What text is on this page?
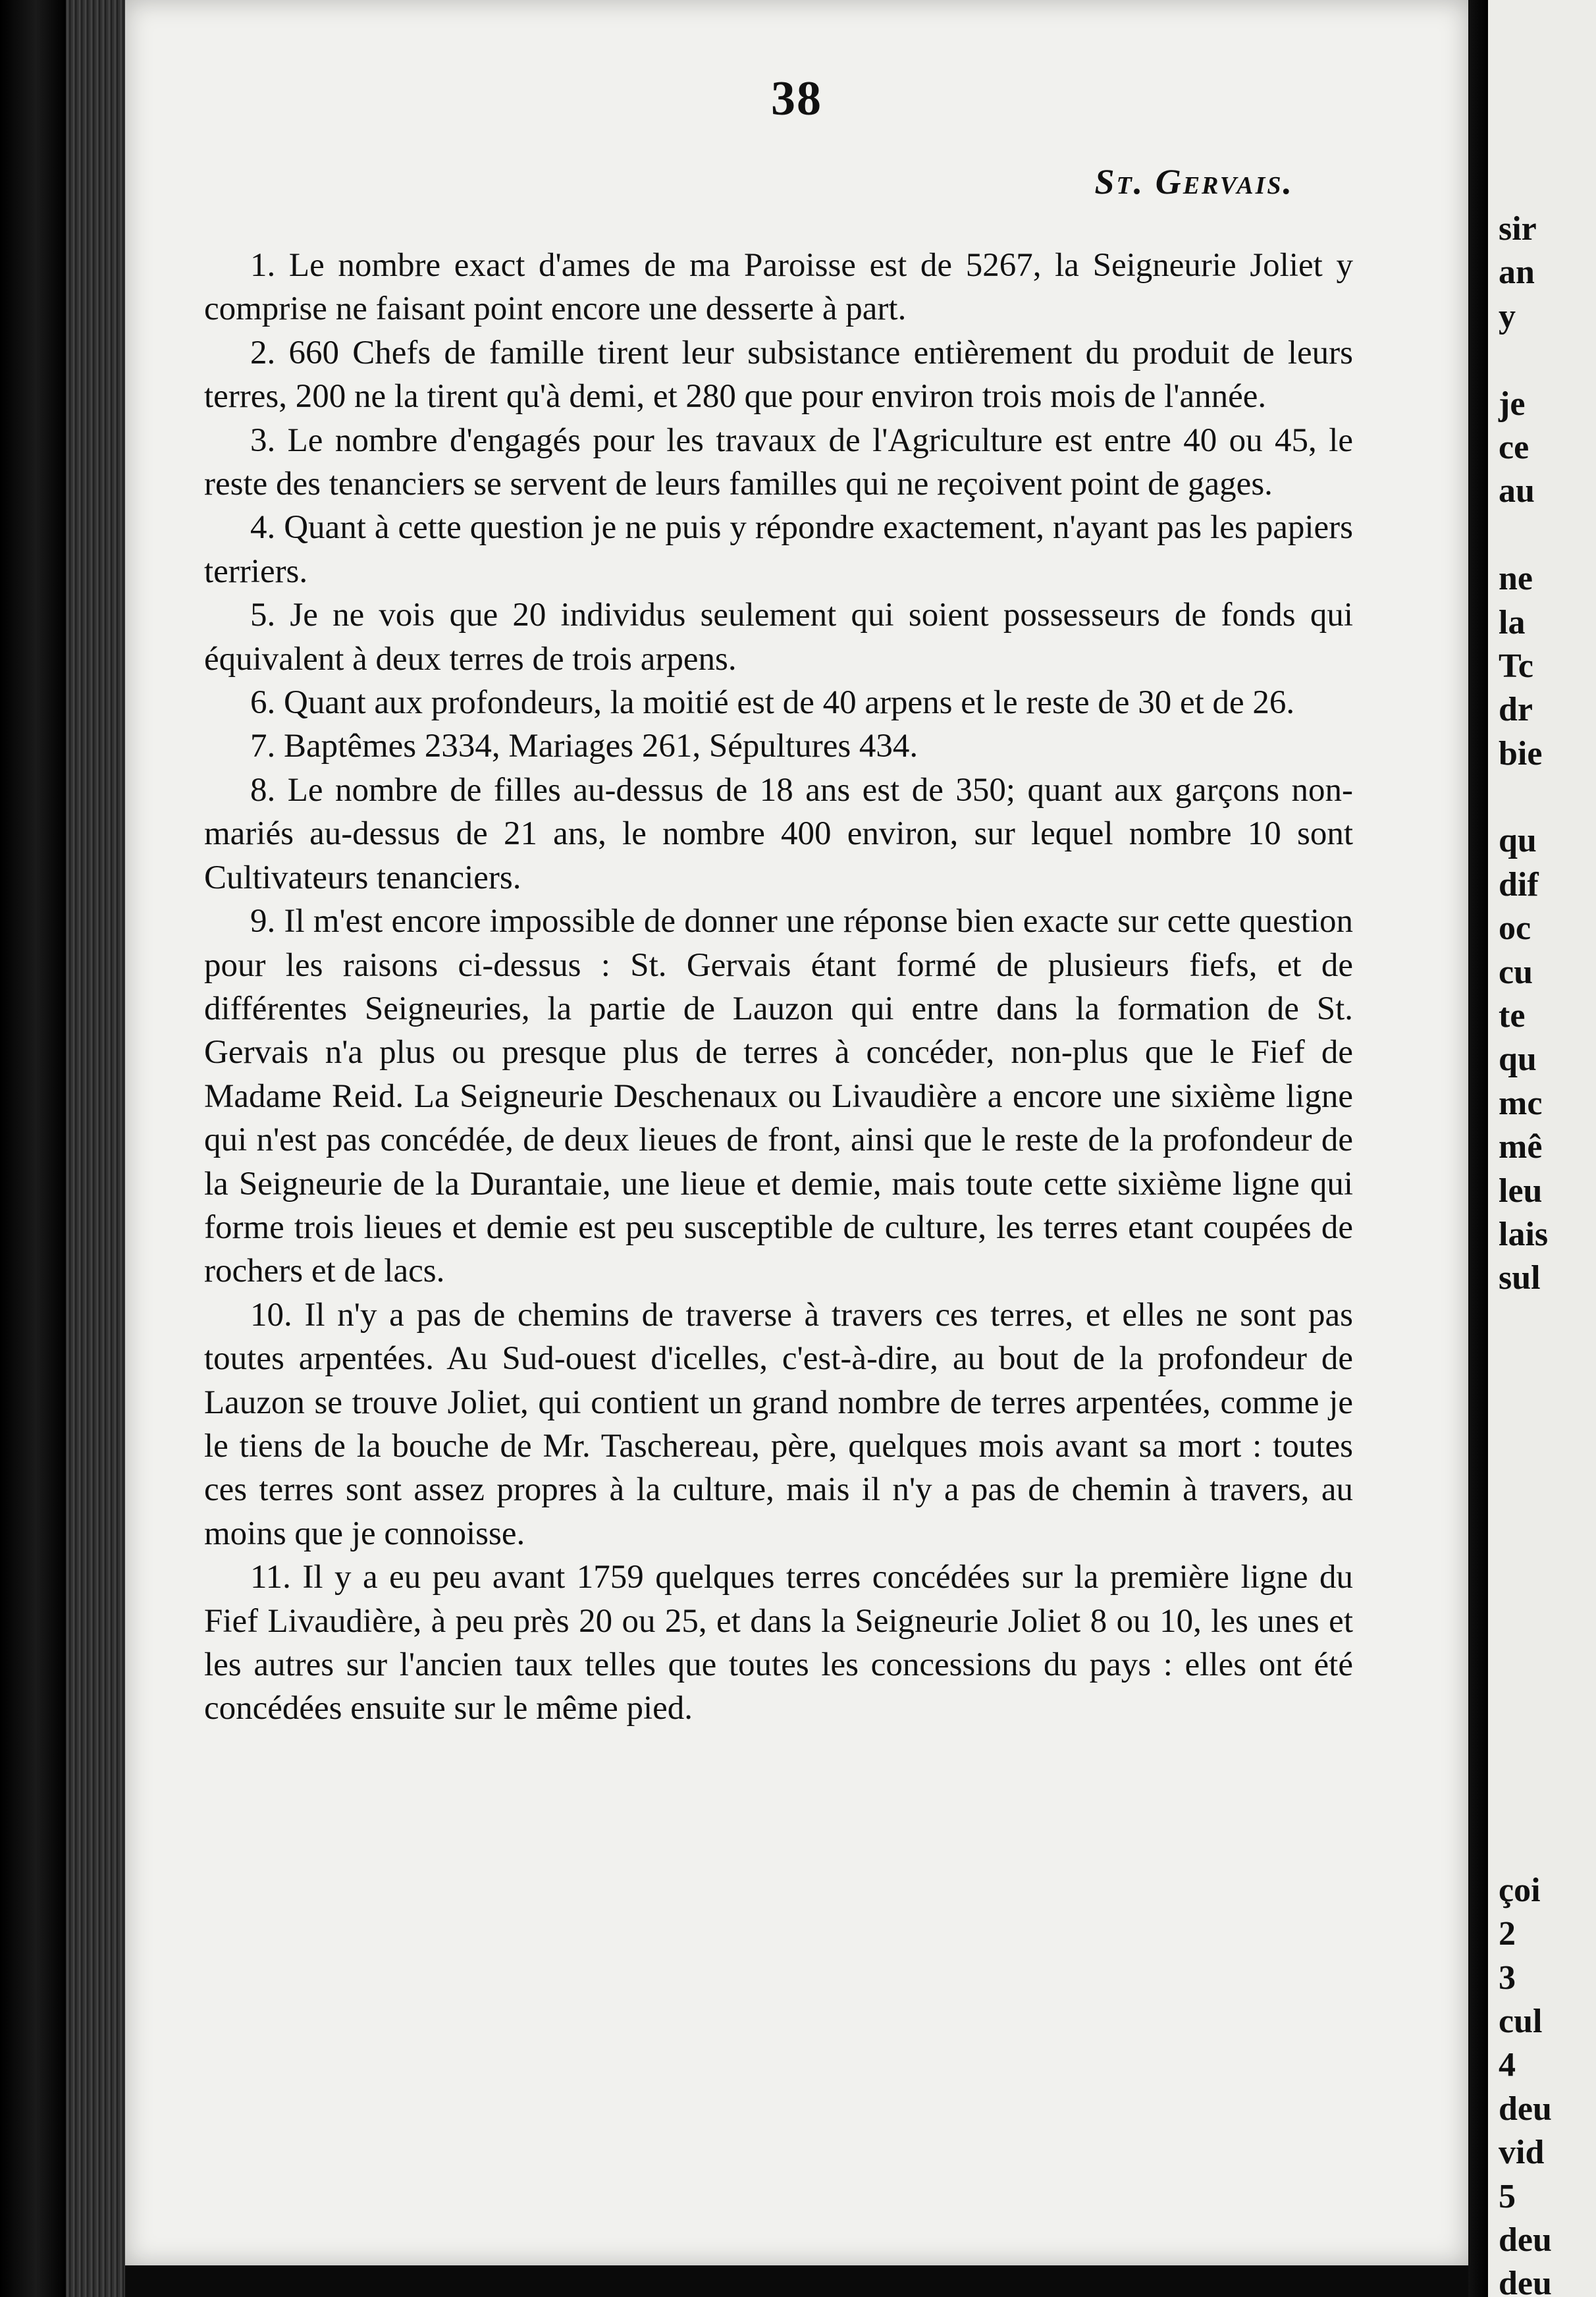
38
St. Gervais.

1. Le nombre exact d'ames de ma Paroisse est de 5267, la Seigneurie Joliet y comprise ne faisant point encore une desserte à part.

2. 660 Chefs de famille tirent leur subsistance entièrement du produit de leurs terres, 200 ne la tirent qu'à demi, et 280 que pour environ trois mois de l'année.

3. Le nombre d'engagés pour les travaux de l'Agriculture est entre 40 ou 45, le reste des tenanciers se servent de leurs familles qui ne reçoivent point de gages.

4. Quant à cette question je ne puis y répondre exactement, n'ayant pas les papiers terriers.

5. Je ne vois que 20 individus seulement qui soient possesseurs de fonds qui équivalent à deux terres de trois arpens.

6. Quant aux profondeurs, la moitié est de 40 arpens et le reste de 30 et de 26.

7. Baptêmes 2334, Mariages 261, Sépultures 434.

8. Le nombre de filles au-dessus de 18 ans est de 350; quant aux garçons non-mariés au-dessus de 21 ans, le nombre 400 environ, sur lequel nombre 10 sont Cultivateurs tenanciers.

9. Il m'est encore impossible de donner une réponse bien exacte sur cette question pour les raisons ci-dessus : St. Gervais étant formé de plusieurs fiefs, et de différentes Seigneuries, la partie de Lauzon qui entre dans la formation de St. Gervais n'a plus ou presque plus de terres à concéder, non-plus que le Fief de Madame Reid. La Seigneurie Deschenaux ou Livaudière a encore une sixième ligne qui n'est pas concédée, de deux lieues de front, ainsi que le reste de la profondeur de la Seigneurie de la Durantaie, une lieue et demie, mais toute cette sixième ligne qui forme trois lieues et demie est peu susceptible de culture, les terres etant coupées de rochers et de lacs.

10. Il n'y a pas de chemins de traverse à travers ces terres, et elles ne sont pas toutes arpentées. Au Sud-ouest d'icelles, c'est-à-dire, au bout de la profondeur de Lauzon se trouve Joliet, qui contient un grand nombre de terres arpentées, comme je le tiens de la bouche de Mr. Taschereau, père, quelques mois avant sa mort : toutes ces terres sont assez propres à la culture, mais il n'y a pas de chemin à travers, au moins que je connoisse.

11. Il y a eu peu avant 1759 quelques terres concédées sur la première ligne du Fief Livaudière, à peu près 20 ou 25, et dans la Seigneurie Joliet 8 ou 10, les unes et les autres sur l'ancien taux telles que toutes les concessions du pays : elles ont été concédées ensuite sur le même pied.

sir
an
y
je
ce
au
ne
la
Tc
dr
bie
qu
dif
oc
cu
te
qu
mc
mê
leu
lais
sul
çoi
2
3
cul
4
deu
vid
5
deu
deu
